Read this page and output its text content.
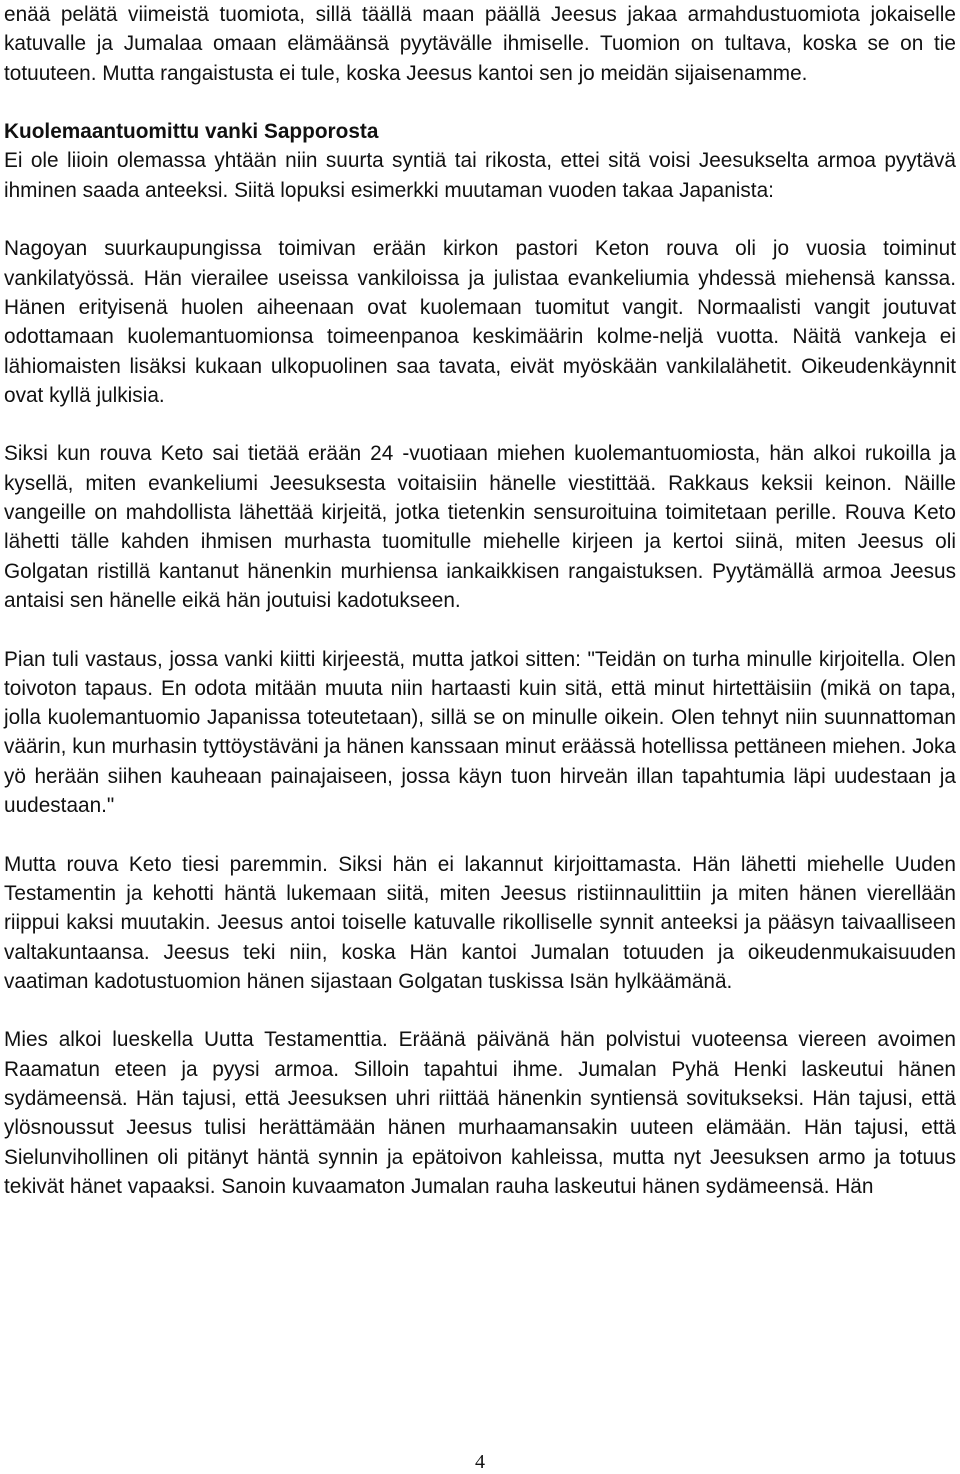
enää pelätä viimeistä tuomiota, sillä täällä maan päällä Jeesus jakaa armahdustuomiota jokaiselle katuvalle ja Jumalaa omaan elämäänsä pyytävälle ihmiselle. Tuomion on tultava, koska se on tie totuuteen. Mutta rangaistusta ei tule, koska Jeesus kantoi sen jo meidän sijaisenamme.

Kuolemaantuomittu vanki Sapporosta
Ei ole liioin olemassa yhtään niin suurta syntiä tai rikosta, ettei sitä voisi Jeesukselta armoa pyytävä ihminen saada anteeksi. Siitä lopuksi esimerkki muutaman vuoden takaa Japanista:

Nagoyan suurkaupungissa toimivan erään kirkon pastori Keton rouva oli jo vuosia toiminut vankilatyössä. Hän vierailee useissa vankiloissa ja julistaa evankeliumia yhdessä miehensä kanssa. Hänen erityisenä huolen aiheenaan ovat kuolemaan tuomitut vangit. Normaalisti vangit joutuvat odottamaan kuolemantuomionsa toimeenpanoa keskimäärin kolme-neljä vuotta. Näitä vankeja ei lähiomaisten lisäksi kukaan ulkopuolinen saa tavata, eivät myöskään vankilalähetit. Oikeudenkäynnit ovat kyllä julkisia.

Siksi kun rouva Keto sai tietää erään 24 -vuotiaan miehen kuolemantuomiosta, hän alkoi rukoilla ja kysellä, miten evankeliumi Jeesuksesta voitaisiin hänelle viestittää. Rakkaus keksii keinon. Näille vangeille on mahdollista lähettää kirjeitä, jotka tietenkin sensuroituina toimitetaan perille. Rouva Keto lähetti tälle kahden ihmisen murhasta tuomitulle miehelle kirjeen ja kertoi siinä, miten Jeesus oli Golgatan ristillä kantanut hänenkin murhiensa iankaikkisen rangaistuksen. Pyytämällä armoa Jeesus antaisi sen hänelle eikä hän joutuisi kadotukseen.

Pian tuli vastaus, jossa vanki kiitti kirjeestä, mutta jatkoi sitten: "Teidän on turha minulle kirjoitella. Olen toivoton tapaus. En odota mitään muuta niin hartaasti kuin sitä, että minut hirtettäisiin (mikä on tapa, jolla kuolemantuomio Japanissa toteutetaan), sillä se on minulle oikein. Olen tehnyt niin suunnattoman väärin, kun murhasin tyttöystäväni ja hänen kanssaan minut eräässä hotellissa pettäneen miehen. Joka yö herään siihen kauheaan painajaiseen, jossa käyn tuon hirveän illan tapahtumia läpi uudestaan ja uudestaan."

Mutta rouva Keto tiesi paremmin. Siksi hän ei lakannut kirjoittamasta. Hän lähetti miehelle Uuden Testamentin ja kehotti häntä lukemaan siitä, miten Jeesus ristiinnaulittiin ja miten hänen vierellään riippui kaksi muutakin. Jeesus antoi toiselle katuvalle rikolliselle synnit anteeksi ja pääsyn taivaalliseen valtakuntaansa. Jeesus teki niin, koska Hän kantoi Jumalan totuuden ja oikeudenmukaisuuden vaatiman kadotustuomion hänen sijastaan Golgatan tuskissa Isän hylkäämänä.

Mies alkoi lueskella Uutta Testamenttia. Eräänä päivänä hän polvistui vuoteensa viereen avoimen Raamatun eteen ja pyysi armoa. Silloin tapahtui ihme. Jumalan Pyhä Henki laskeutui hänen sydämeensä. Hän tajusi, että Jeesuksen uhri riittää hänenkin syntiensä sovitukseksi. Hän tajusi, että ylösnoussut Jeesus tulisi herättämään hänen murhaamansakin uuteen elämään. Hän tajusi, että Sielunvihollinen oli pitänyt häntä synnin ja epätoivon kahleissa, mutta nyt Jeesuksen armo ja totuus tekivät hänet vapaaksi. Sanoin kuvaamaton Jumalan rauha laskeutui hänen sydämeensä. Hän

4
